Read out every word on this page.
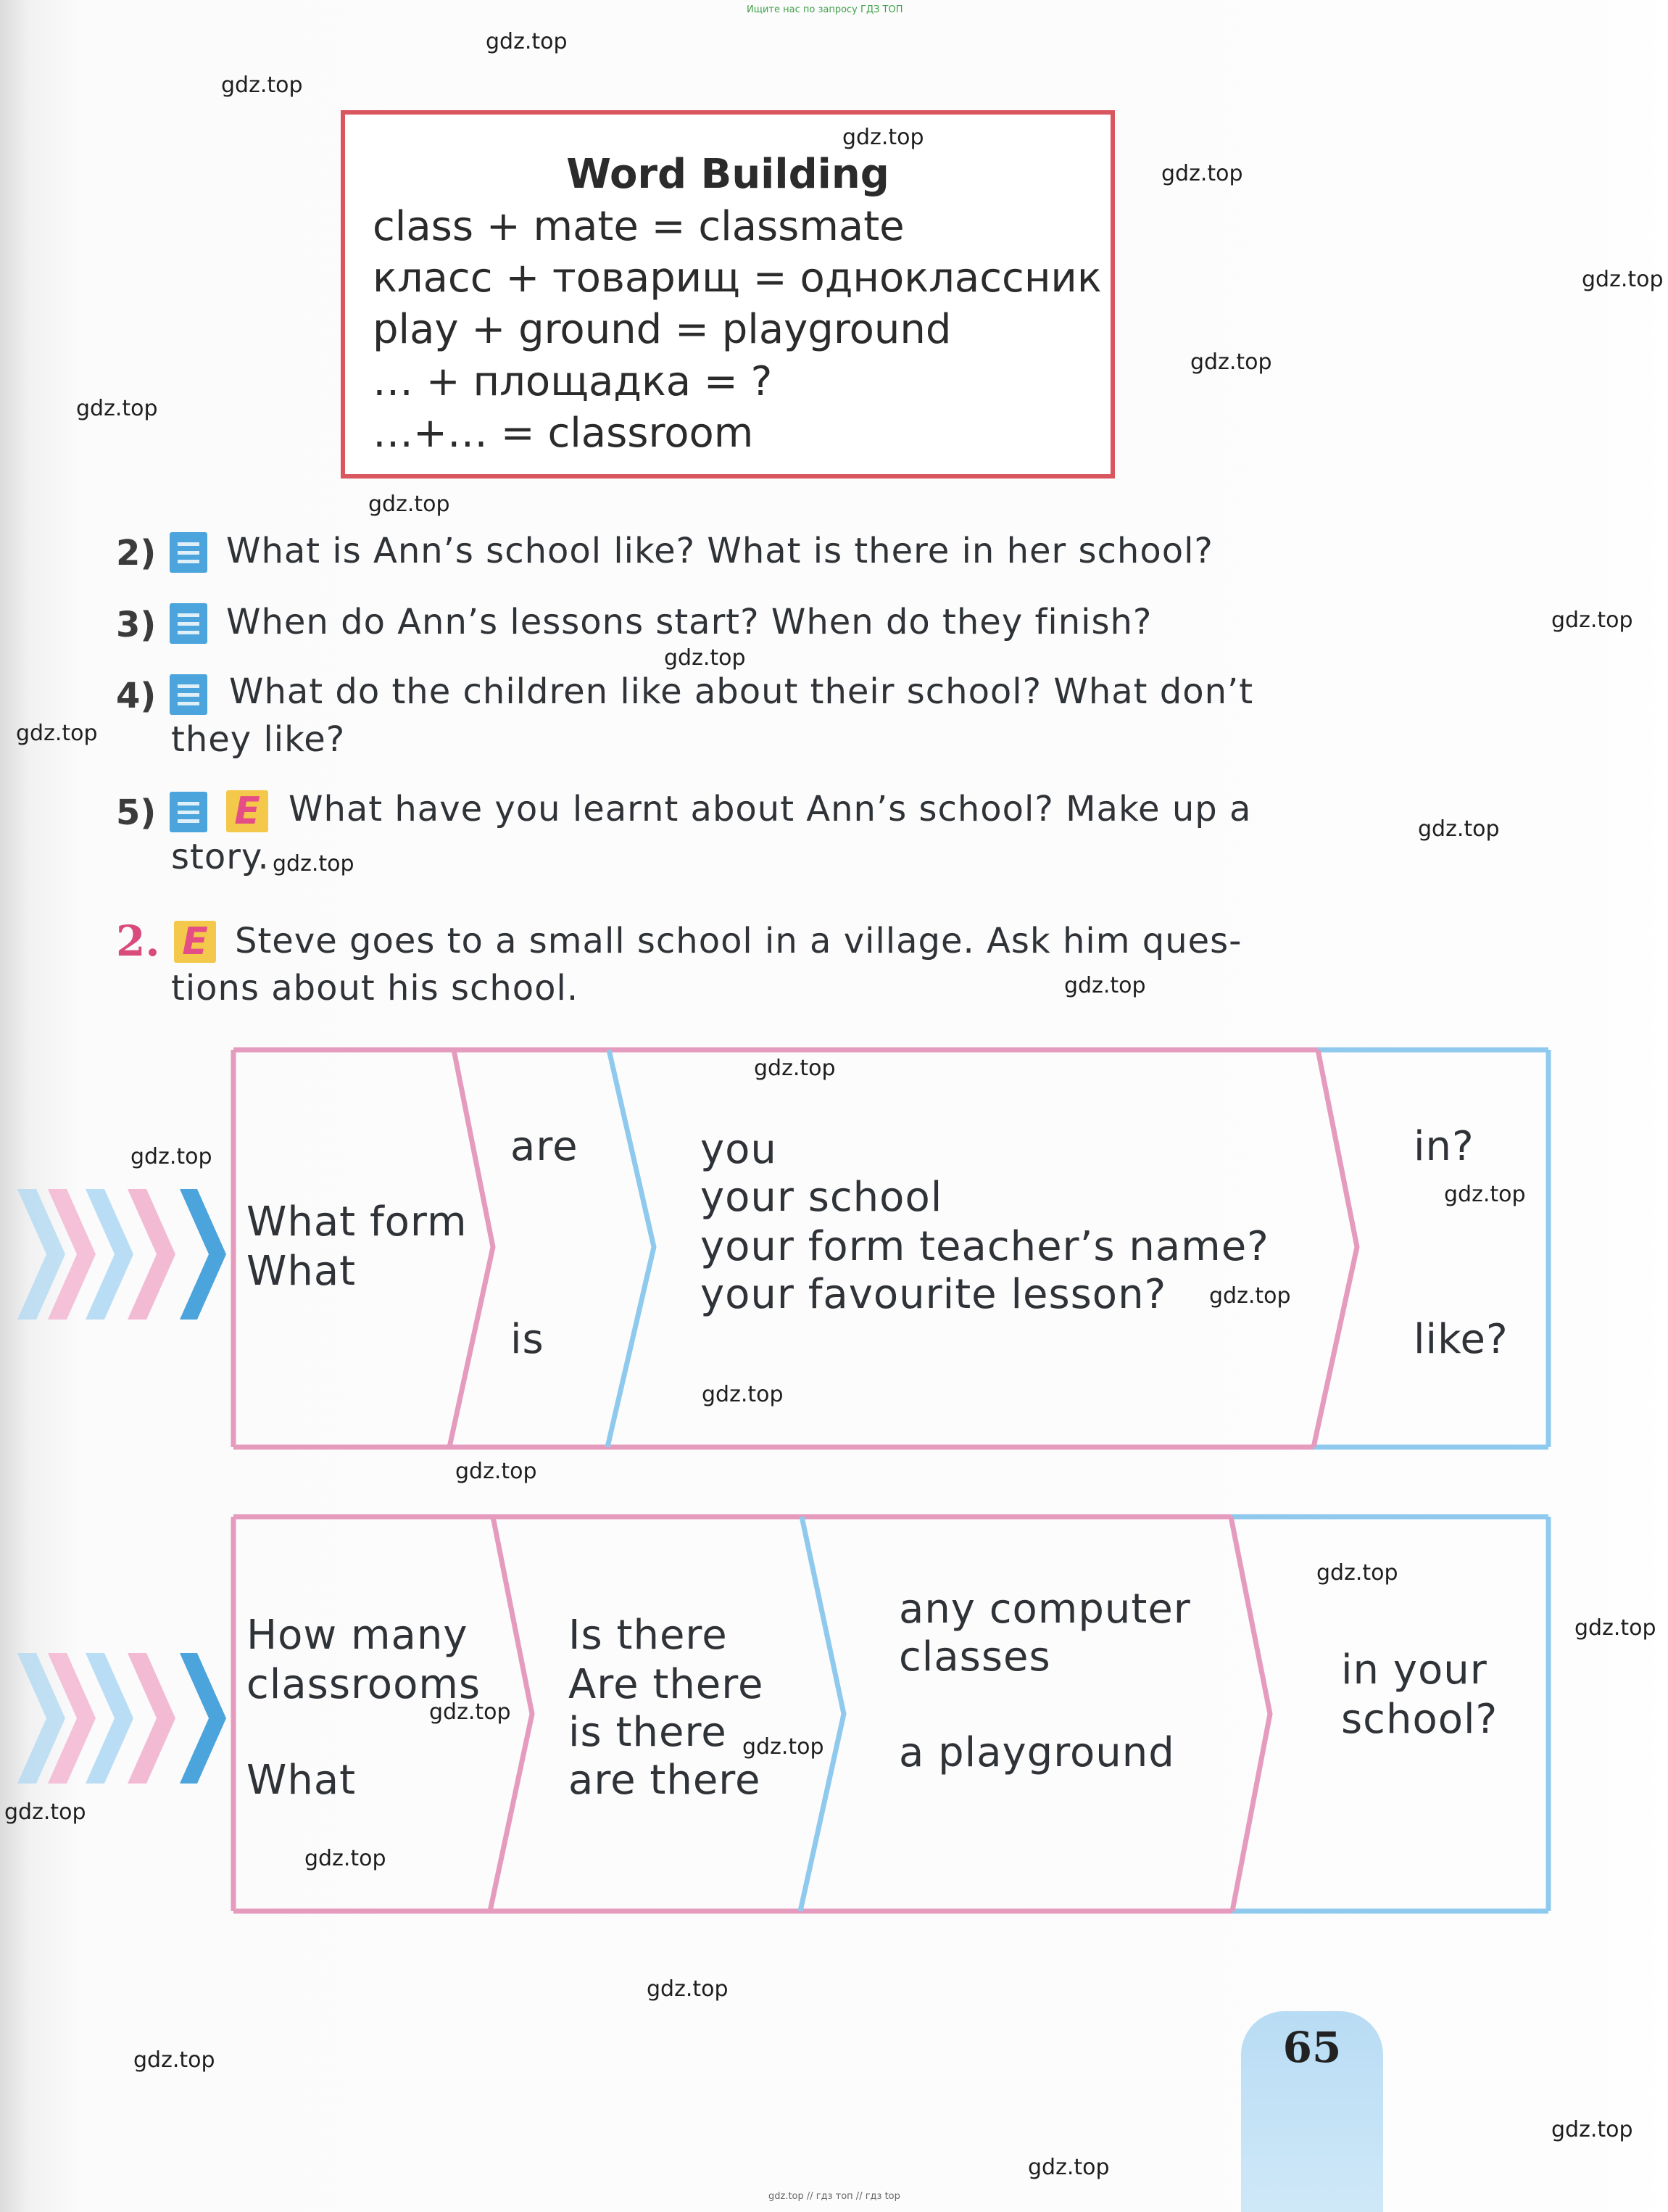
Ищите нас по запросу ГДЗ ТОП
Word Building
class + mate = classmate
класс + товарищ = одноклассник
play + ground = playground
… + площадка = ?
…+… = classroom
2) What is Ann’s school like? What is there in her school?
3) When do Ann’s lessons start? When do they finish?
4) What do the children like about their school? What don’t
they like?
5) E What have you learnt about Ann’s school? Make up a
story.
2. E Steve goes to a small school in a village. Ask him ques-
tions about his school.
What form
What
are
is
you
your school
your form teacher’s name?
your favourite lesson?
in?
like?
How many
classrooms
What
Is there
Are there
is there
are there
any computer
classes
a playground
in your
school?
65
gdz.top
gdz.top
gdz.top
gdz.top
gdz.top
gdz.top
gdz.top
gdz.top
gdz.top
gdz.top
gdz.top
gdz.top
gdz.top
gdz.top
gdz.top
gdz.top
gdz.top
gdz.top
gdz.top
gdz.top
gdz.top
gdz.top
gdz.top
gdz.top
gdz.top
gdz.top
gdz.top
gdz.top
gdz.top
gdz.top
gdz.top // гдз топ // гдз top
